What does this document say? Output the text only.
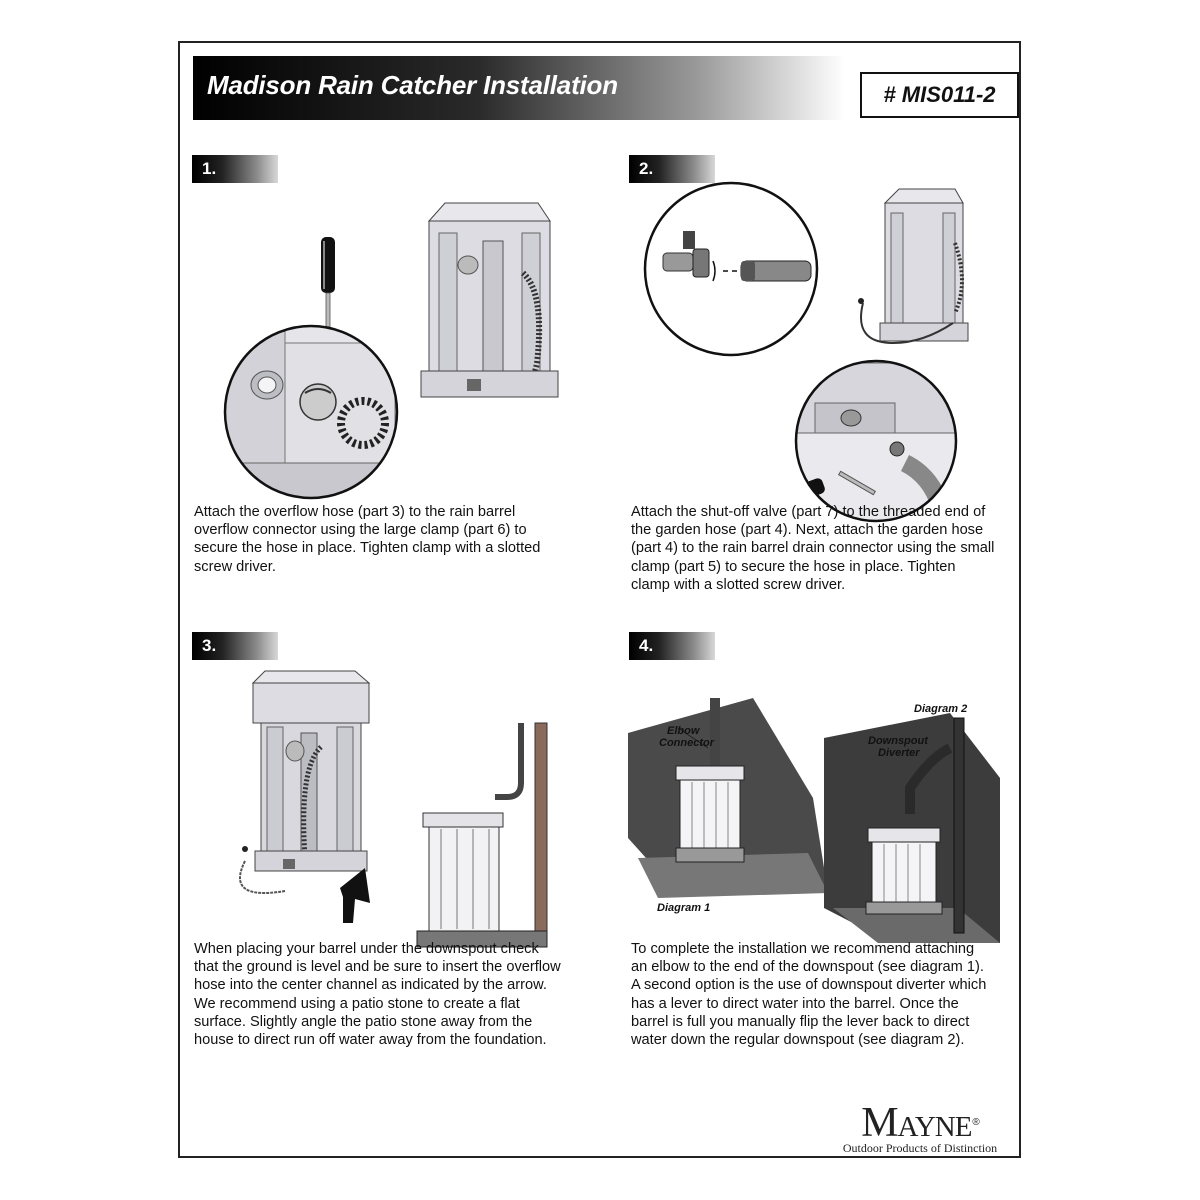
Madison Rain Catcher Installation	# MIS011-2
1.

Attach the overflow hose (part 3) to the rain barrel

overflow connector using the large clamp (part 6) to

secure the hose in place. Tighten clamp with a slotted

screw driver.

2.

Attach the shut-off valve (part 7) to the threaded end of

the garden hose (part 4). Next, attach the garden hose

(part 4) to the rain barrel drain connector using the small

clamp (part 5) to secure the hose in place. Tighten

clamp with a slotted screw driver.

3.

When placing your barrel under the downspout check

that the ground is level and be sure to insert the overflow

hose into the center channel as indicated by the arrow.

We recommend using a patio stone to create a flat

surface. Slightly angle the patio stone away from the

house to direct run off water away from the foundation.

4.
Elbow
Connector
Diagram 1
Diagram 2
Downspout
Diverter

To complete the installation we recommend attaching

an elbow to the end of the downspout (see diagram 1).

A second option is the use of downspout diverter which

has a lever to direct water into the barrel. Once the

barrel is full you manually flip the lever back to direct

water down the regular downspout (see diagram 2).

Mayne®
Outdoor Products of Distinction
